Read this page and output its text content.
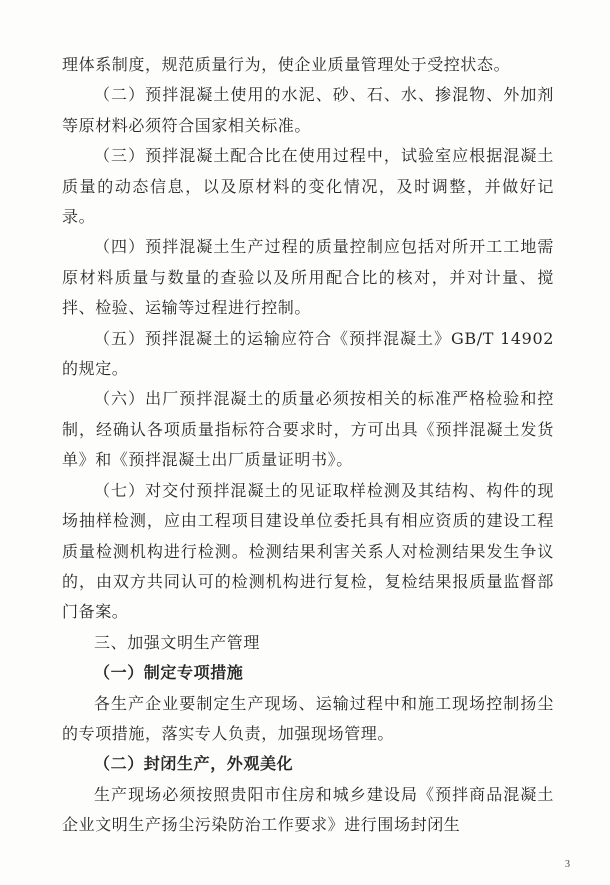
理体系制度，规范质量行为，使企业质量管理处于受控状态。

（二）预拌混凝土使用的水泥、砂、石、水、掺混物、外加剂等原材料必须符合国家相关标准。

（三）预拌混凝土配合比在使用过程中，试验室应根据混凝土质量的动态信息，以及原材料的变化情况，及时调整，并做好记录。

（四）预拌混凝土生产过程的质量控制应包括对所开工工地需原材料质量与数量的查验以及所用配合比的核对，并对计量、搅拌、检验、运输等过程进行控制。

（五）预拌混凝土的运输应符合《预拌混凝土》GB/T 14902的规定。

（六）出厂预拌混凝土的质量必须按相关的标准严格检验和控制，经确认各项质量指标符合要求时，方可出具《预拌混凝土发货单》和《预拌混凝土出厂质量证明书》。

（七）对交付预拌混凝土的见证取样检测及其结构、构件的现场抽样检测，应由工程项目建设单位委托具有相应资质的建设工程质量检测机构进行检测。检测结果利害关系人对检测结果发生争议的，由双方共同认可的检测机构进行复检，复检结果报质量监督部门备案。

三、加强文明生产管理

（一）制定专项措施

各生产企业要制定生产现场、运输过程中和施工现场控制扬尘的专项措施，落实专人负责，加强现场管理。

（二）封闭生产，外观美化

生产现场必须按照贵阳市住房和城乡建设局《预拌商品混凝土企业文明生产扬尘污染防治工作要求》进行围场封闭生

3
